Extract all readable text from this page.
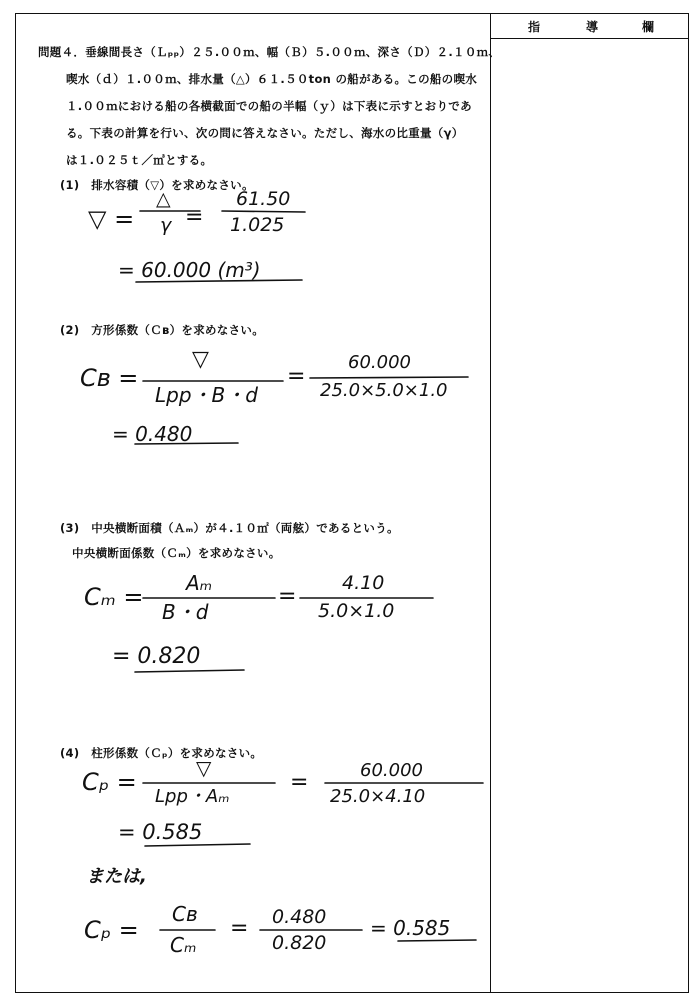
指	導	欄
問題４．垂線間長さ（Ｌₚₚ）２５.００ｍ、幅（Ｂ）５.００ｍ、深さ（Ｄ）２.１０ｍ、
喫水（ｄ）１.００ｍ、排水量（△）６１.５０ton の船がある。この船の喫水
１.００ｍにおける船の各横截面での船の半幅（ｙ）は下表に示すとおりであ
る。下表の計算を行い、次の問に答えなさい。ただし、海水の比重量（γ）
は１.０２５ｔ／㎥とする。
(1)　排水容積（▽）を求めなさい。
▽ =
△
γ =
61.50
1.025
= 60.000 (m³)
(2)　方形係数（Ｃʙ）を求めなさい。
Cʙ =
▽
Lpp・B・d
=
60.000
25.0×5.0×1.0
= 0.480
(3)　中央横断面積（Ａₘ）が４.１０㎡（両舷）であるという。
中央横断面係数（Ｃₘ）を求めなさい。
Cₘ = Aₘ
B・d
=
4.10
5.0×1.0
= 0.820
(4)　柱形係数（Ｃₚ）を求めなさい。
Cₚ =	▽
Lpp・Aₘ
=	60.000
25.0×4.10
= 0.585
または,
Cₚ =
Cʙ
Cₘ
= 0.480
0.820
= 0.585
